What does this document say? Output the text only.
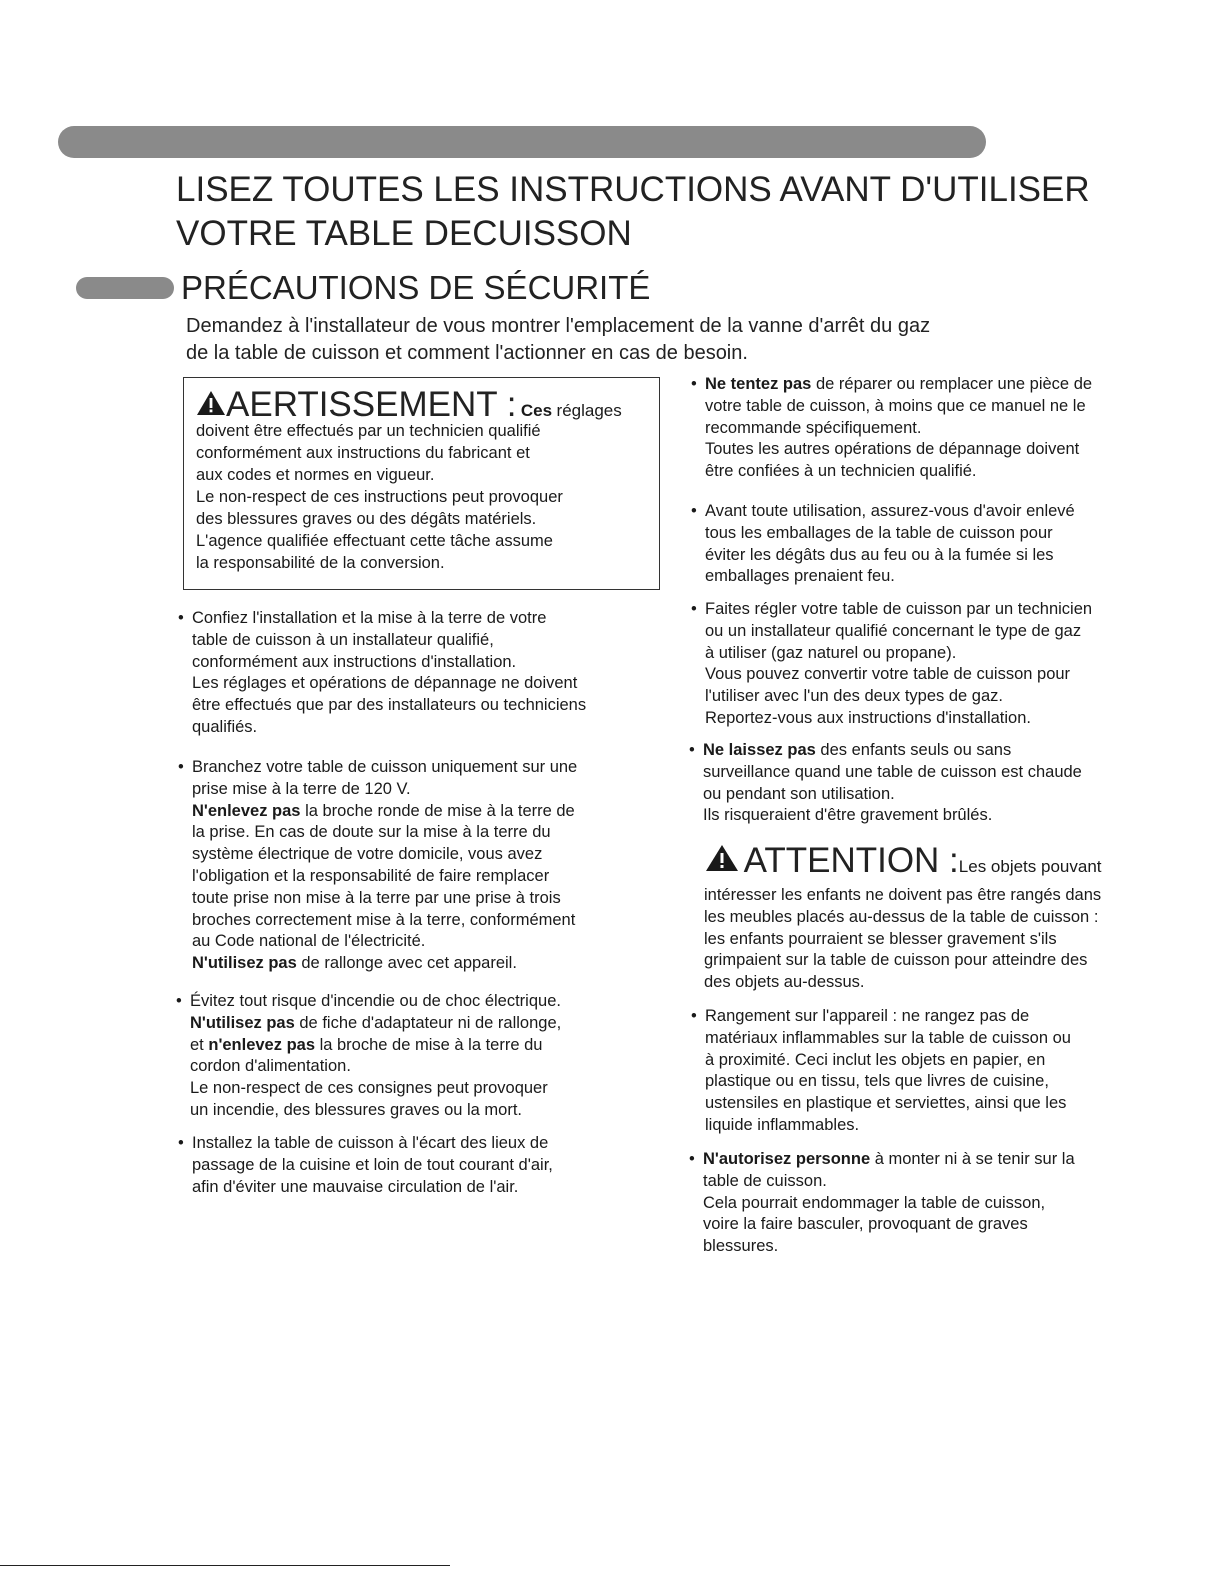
LISEZ TOUTES LES INSTRUCTIONS AVANT D'UTILISER
VOTRE TABLE DECUISSON
PRÉCAUTIONS DE SÉCURITÉ
Demandez à l'installateur de vous montrer l'emplacement de la vanne d'arrêt du gaz
de la table de cuisson et comment l'actionner en cas de besoin.
AERTISSEMENT : Ces réglages
doivent être effectués par un technicien qualifié
conformément aux instructions du fabricant et
aux codes et normes en vigueur.
Le non-respect de ces instructions peut provoquer
des blessures graves ou des dégâts matériels.
L'agence qualifiée effectuant cette tâche assume
la responsabilité de la conversion.
• Confiez l'installation et la mise à la terre de votre
table de cuisson à un installateur qualifié,
conformément aux instructions d'installation.
Les réglages et opérations de dépannage ne doivent
être effectués que par des installateurs ou techniciens
qualifiés.
• Branchez votre table de cuisson uniquement sur une
prise mise à la terre de 120 V.
N'enlevez pas la broche ronde de mise à la terre de
la prise. En cas de doute sur la mise à la terre du
système électrique de votre domicile, vous avez
l'obligation et la responsabilité de faire remplacer
toute prise non mise à la terre par une prise à trois
broches correctement mise à la terre, conformément
au Code national de l'électricité.
N'utilisez pas de rallonge avec cet appareil.
• Évitez tout risque d'incendie ou de choc électrique.
N'utilisez pas de fiche d'adaptateur ni de rallonge,
et n'enlevez pas la broche de mise à la terre du
cordon d'alimentation.
Le non-respect de ces consignes peut provoquer
un incendie, des blessures graves ou la mort.
• Installez la table de cuisson à l'écart des lieux de
passage de la cuisine et loin de tout courant d'air,
afin d'éviter une mauvaise circulation de l'air.
• Ne tentez pas de réparer ou remplacer une pièce de
votre table de cuisson, à moins que ce manuel ne le
recommande spécifiquement.
Toutes les autres opérations de dépannage doivent
être confiées à un technicien qualifié.
• Avant toute utilisation, assurez-vous d'avoir enlevé
tous les emballages de la table de cuisson pour
éviter les dégâts dus au feu ou à la fumée si les
emballages prenaient feu.
• Faites régler votre table de cuisson par un technicien
ou un installateur qualifié concernant le type de gaz
à utiliser (gaz naturel ou propane).
Vous pouvez convertir votre table de cuisson pour
l'utiliser avec l'un des deux types de gaz.
Reportez-vous aux instructions d'installation.
• Ne laissez pas des enfants seuls ou sans
surveillance quand une table de cuisson est chaude
ou pendant son utilisation.
Ils risqueraient d'être gravement brûlés.
ATTENTION :Les objets pouvant
intéresser les enfants ne doivent pas être rangés dans
les meubles placés au-dessus de la table de cuisson :
les enfants pourraient se blesser gravement s'ils
grimpaient sur la table de cuisson pour atteindre des
des objets au-dessus.
• Rangement sur l'appareil : ne rangez pas de
matériaux inflammables sur la table de cuisson ou
à proximité. Ceci inclut les objets en papier, en
plastique ou en tissu, tels que livres de cuisine,
ustensiles en plastique et serviettes, ainsi que les
liquide inflammables.
• N'autorisez personne à monter ni à se tenir sur la
table de cuisson.
Cela pourrait endommager la table de cuisson,
voire la faire basculer, provoquant de graves
blessures.
